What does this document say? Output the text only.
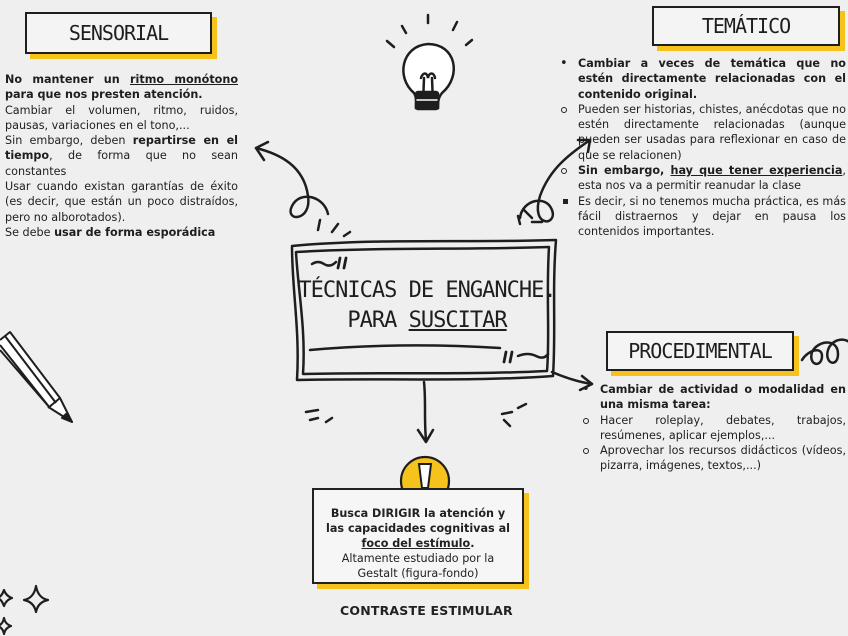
SENSORIAL	TEMÁTICO
PROCEDIMENTAL
• No mantener un ritmo monótono para que nos presten atención.
Cambiar el volumen, ritmo, ruidos, pausas, variaciones en el tono,...
Sin embargo, deben repartirse en el tiempo, de forma que no sean constantes
Usar cuando existan garantías de éxito (es decir, que están un poco distraídos, pero no alborotados).
Se debe usar de forma esporádica
• Cambiar a veces de temática que no estén directamente relacionadas con el contenido original.
Pueden ser historias, chistes, anécdotas que no estén directamente relacionadas (aunque pueden ser usadas para reflexionar en caso de que se relacionen)
Sin embargo, hay que tener experiencia, esta nos va a permitir reanudar la clase
Es decir, si no tenemos mucha práctica, es más fácil distraernos y dejar en pausa los contenidos importantes.
• Cambiar de actividad o modalidad en una misma tarea:
Hacer roleplay, debates, trabajos, resúmenes, aplicar ejemplos,...
Aprovechar los recursos didácticos (vídeos, pizarra, imágenes, textos,...)
TÉCNICAS DE ENGANCHE.
PARA SUSCITAR
Busca DIRIGIR la atención y las capacidades cognitivas al foco del estímulo.
Altamente estudiado por la Gestalt (figura-fondo)
CONTRASTE ESTIMULAR
